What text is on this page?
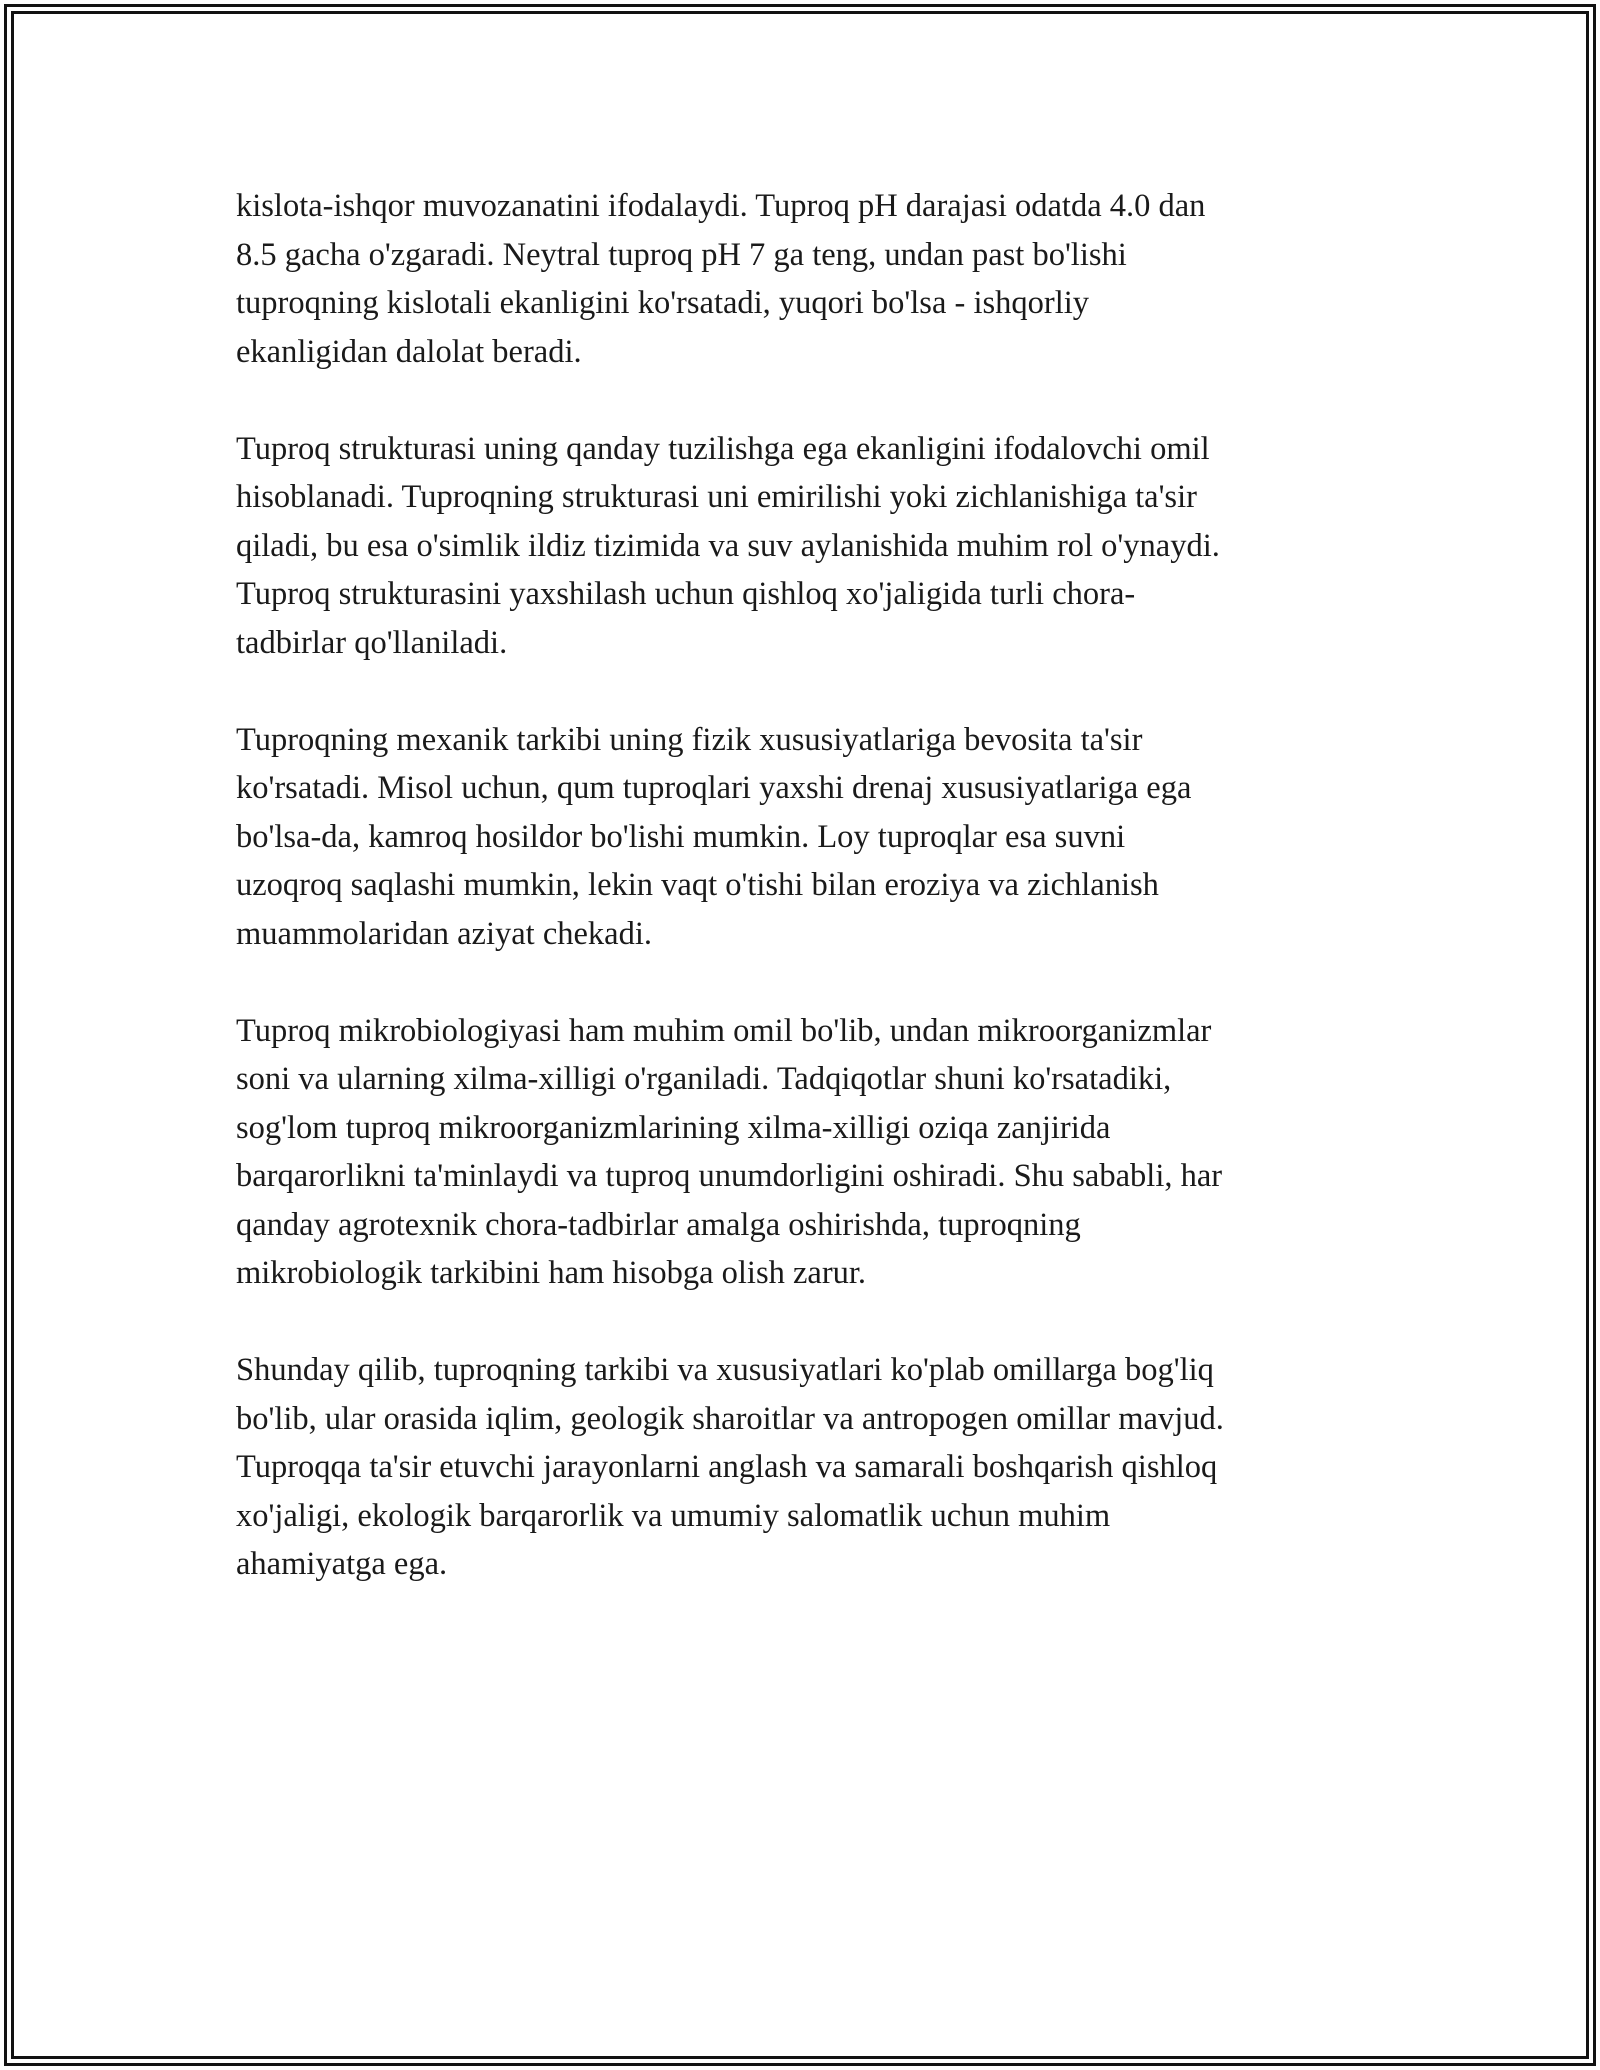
kislota-ishqor muvozanatini ifodalaydi. Tuproq pH darajasi odatda 4.0 dan
8.5 gacha o'zgaradi. Neytral tuproq pH 7 ga teng, undan past bo'lishi
tuproqning kislotali ekanligini ko'rsatadi, yuqori bo'lsa - ishqorliy
ekanligidan dalolat beradi.

Tuproq strukturasi uning qanday tuzilishga ega ekanligini ifodalovchi omil
hisoblanadi. Tuproqning strukturasi uni emirilishi yoki zichlanishiga ta'sir
qiladi, bu esa o'simlik ildiz tizimida va suv aylanishida muhim rol o'ynaydi.
Tuproq strukturasini yaxshilash uchun qishloq xo'jaligida turli chora-
tadbirlar qo'llaniladi.

Tuproqning mexanik tarkibi uning fizik xususiyatlariga bevosita ta'sir
ko'rsatadi. Misol uchun, qum tuproqlari yaxshi drenaj xususiyatlariga ega
bo'lsa-da, kamroq hosildor bo'lishi mumkin. Loy tuproqlar esa suvni
uzoqroq saqlashi mumkin, lekin vaqt o'tishi bilan eroziya va zichlanish
muammolaridan aziyat chekadi.

Tuproq mikrobiologiyasi ham muhim omil bo'lib, undan mikroorganizmlar
soni va ularning xilma-xilligi o'rganiladi. Tadqiqotlar shuni ko'rsatadiki,
sog'lom tuproq mikroorganizmlarining xilma-xilligi oziqa zanjirida
barqarorlikni ta'minlaydi va tuproq unumdorligini oshiradi. Shu sababli, har
qanday agrotexnik chora-tadbirlar amalga oshirishda, tuproqning
mikrobiologik tarkibini ham hisobga olish zarur.

Shunday qilib, tuproqning tarkibi va xususiyatlari ko'plab omillarga bog'liq
bo'lib, ular orasida iqlim, geologik sharoitlar va antropogen omillar mavjud.
Tuproqqa ta'sir etuvchi jarayonlarni anglash va samarali boshqarish qishloq
xo'jaligi, ekologik barqarorlik va umumiy salomatlik uchun muhim
ahamiyatga ega.
